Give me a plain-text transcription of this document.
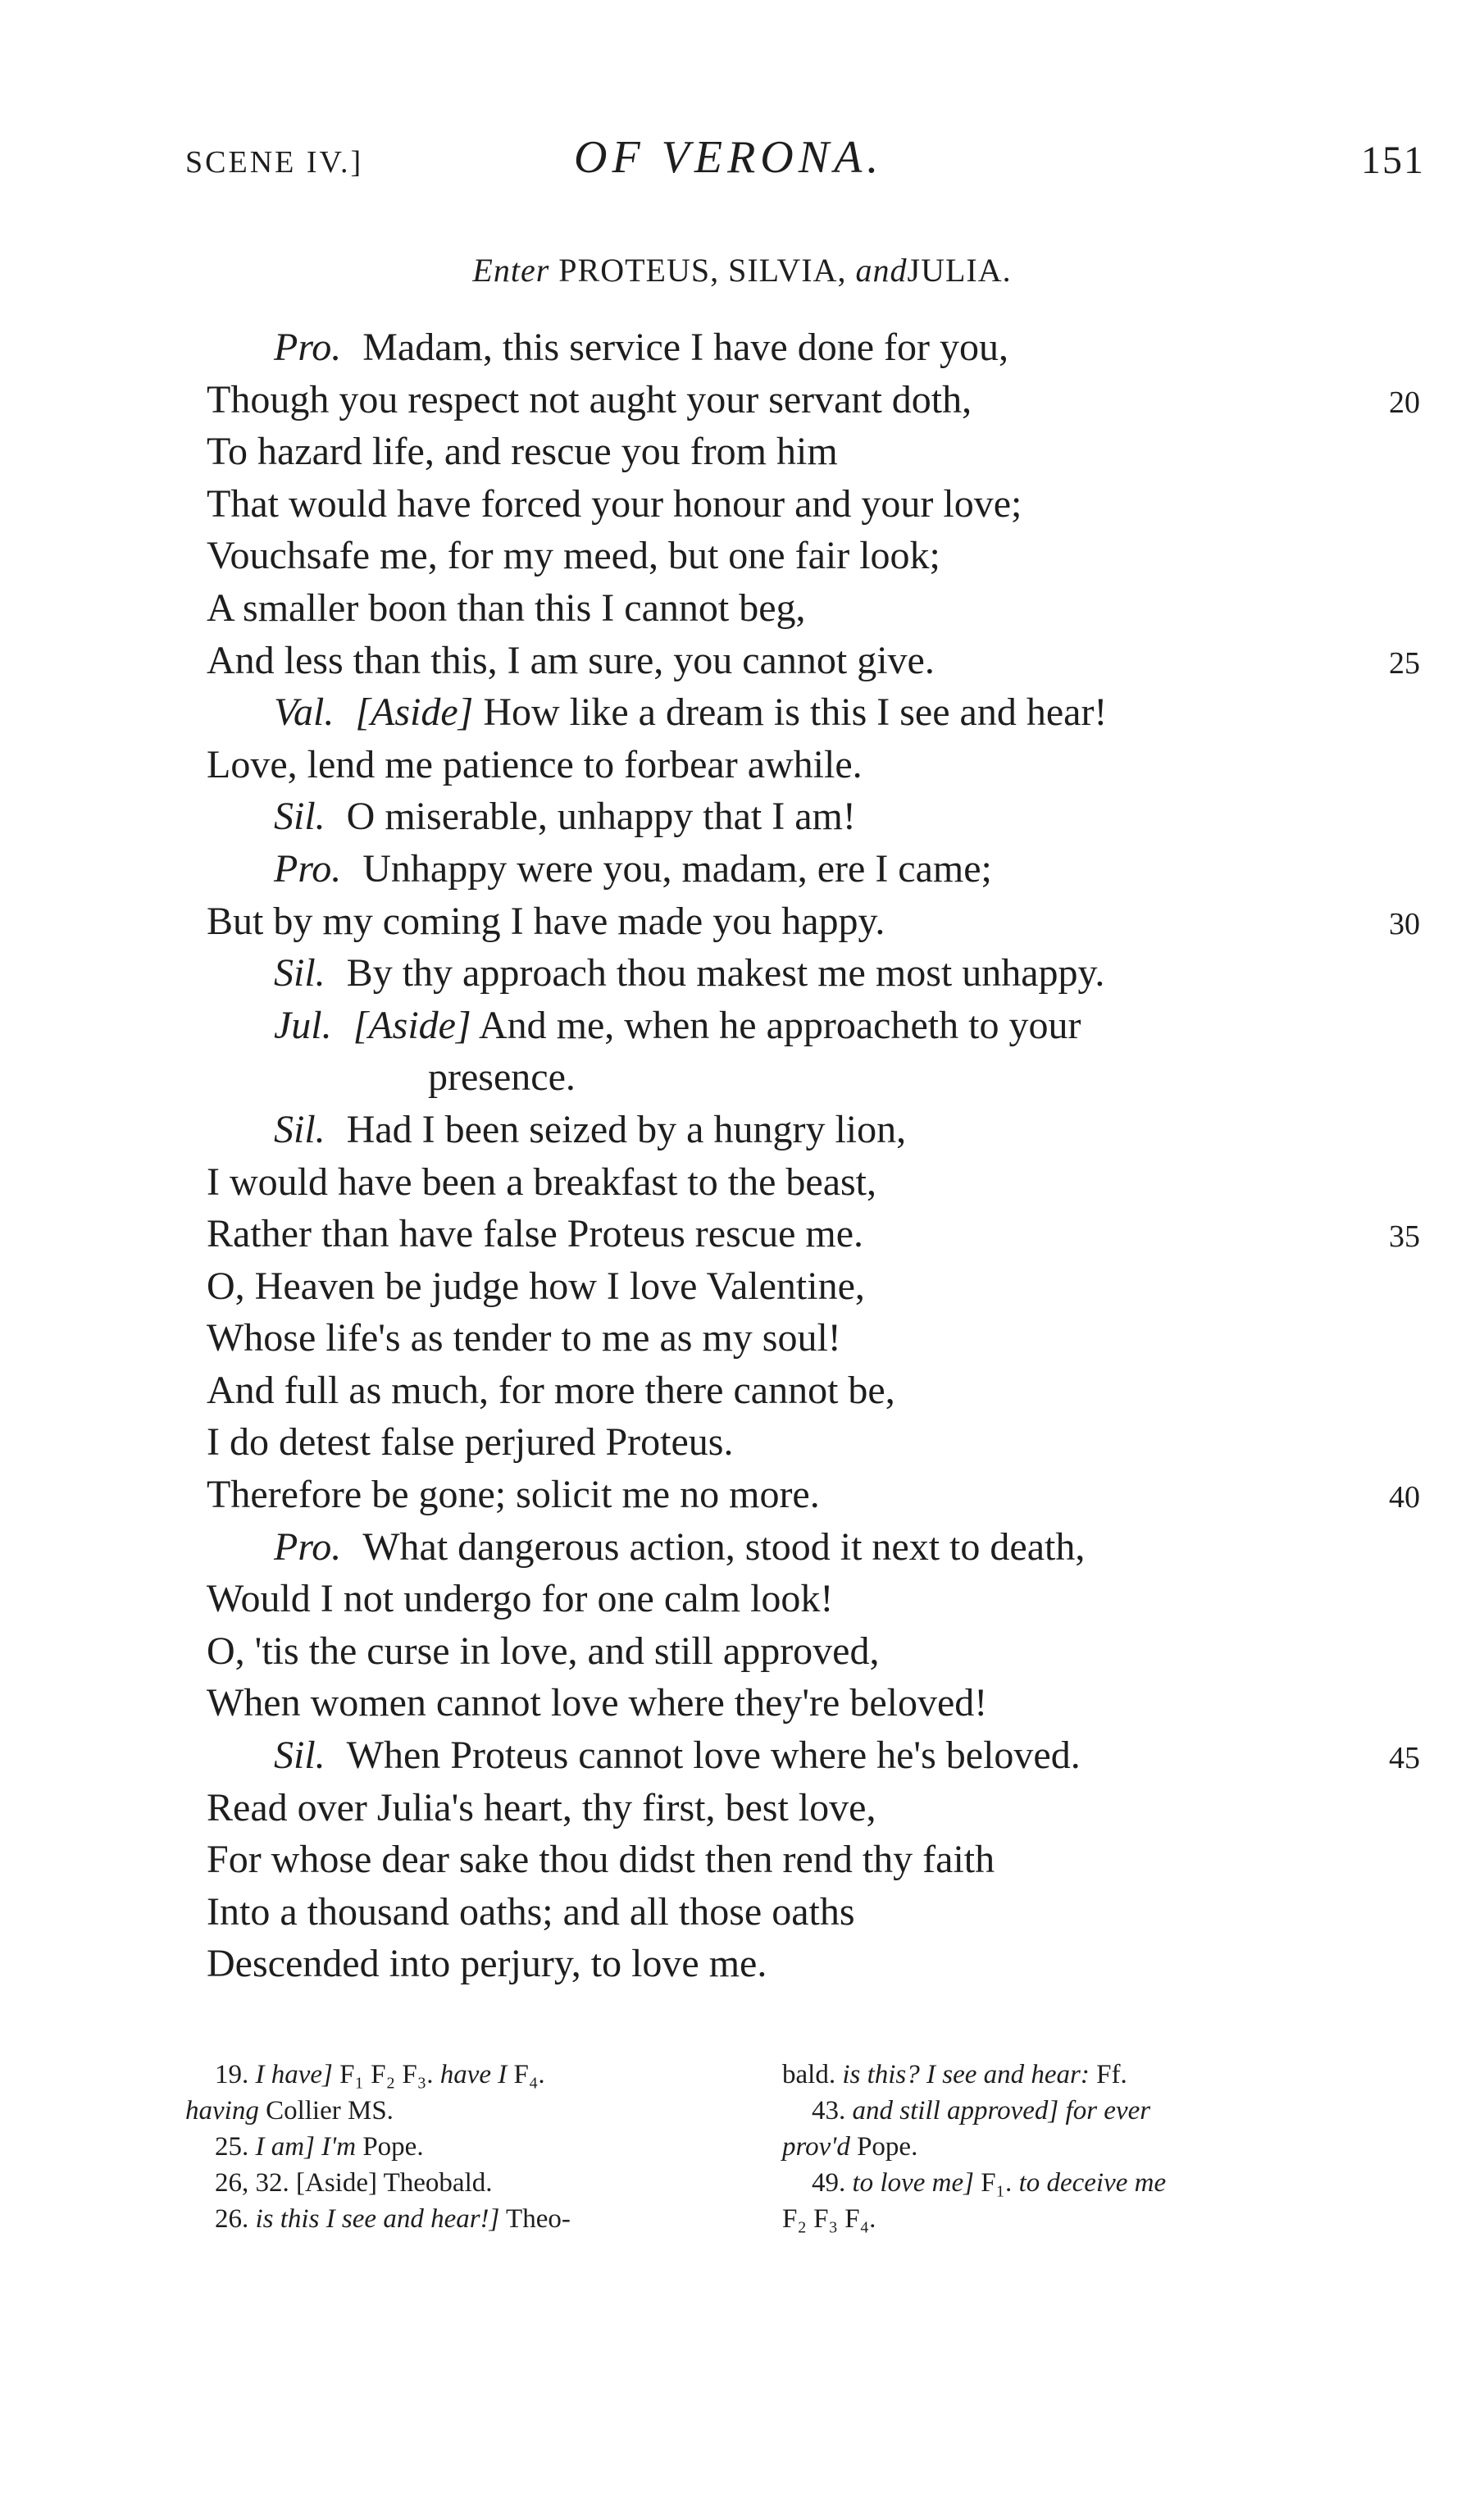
SCENE IV.]	OF VERONA.	151
Enter PROTEUS, SILVIA, andJULIA.
Pro. Madam, this service I have done for you,
Though you respect not aught your servant doth,	20
To hazard life, and rescue you from him
That would have forced your honour and your love;
Vouchsafe me, for my meed, but one fair look;
A smaller boon than this I cannot beg,
And less than this, I am sure, you cannot give.	25
Val. [Aside] How like a dream is this I see and hear!
Love, lend me patience to forbear awhile.
Sil. O miserable, unhappy that I am!
Pro. Unhappy were you, madam, ere I came;
But by my coming I have made you happy.	30
Sil. By thy approach thou makest me most unhappy.
Jul. [Aside] And me, when he approacheth to your
presence.
Sil. Had I been seized by a hungry lion,
I would have been a breakfast to the beast,
Rather than have false Proteus rescue me.	35
O, Heaven be judge how I love Valentine,
Whose life's as tender to me as my soul!
And full as much, for more there cannot be,
I do detest false perjured Proteus.
Therefore be gone; solicit me no more.	40
Pro. What dangerous action, stood it next to death,
Would I not undergo for one calm look!
O, 'tis the curse in love, and still approved,
When women cannot love where they're beloved!
Sil. When Proteus cannot love where he's beloved.	45
Read over Julia's heart, thy first, best love,
For whose dear sake thou didst then rend thy faith
Into a thousand oaths; and all those oaths
Descended into perjury, to love me.
19. I have] F₁ F₂ F₃. have I F₄.
having Collier MS.
25. I am] I'm Pope.
26, 32. [Aside] Theobald.
26. is this I see and hear!] Theo-
bald. is this? I see and hear: Ff.
43. and still approved] for ever
prov'd Pope.
49. to love me] F₁. to deceive me
F₂ F₃ F₄.
